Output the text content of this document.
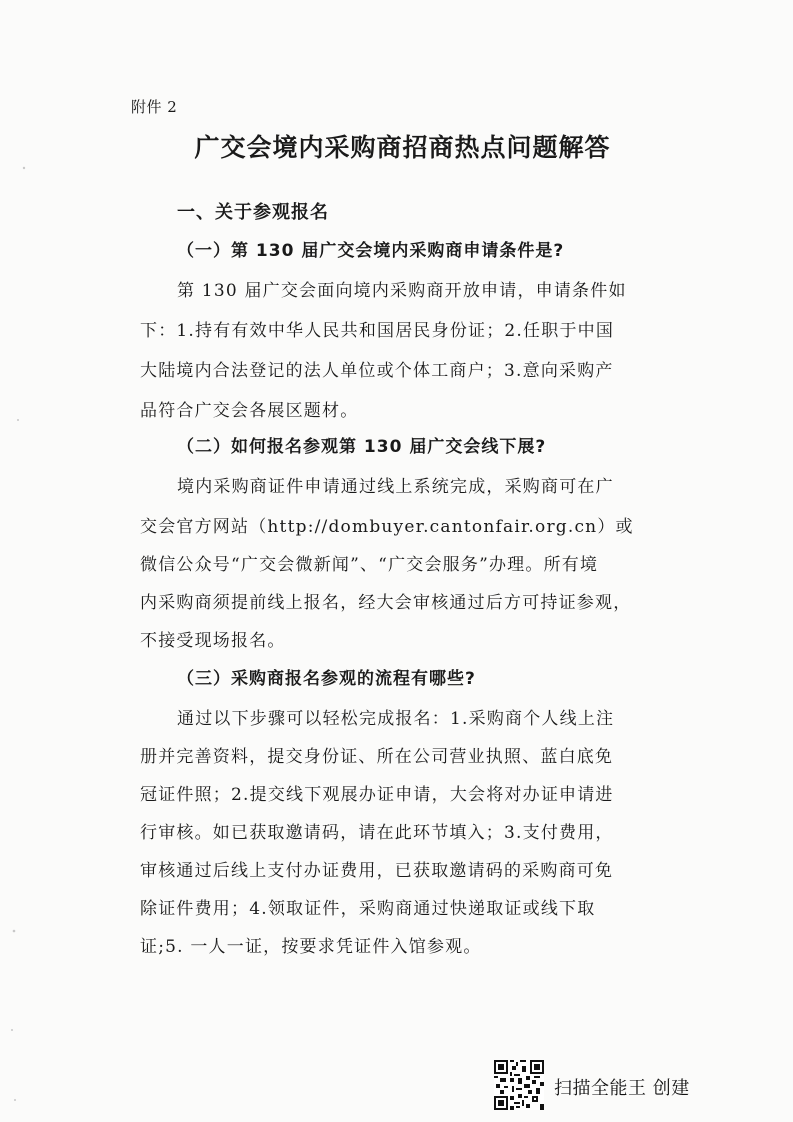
附件 2
广交会境内采购商招商热点问题解答
一、关于参观报名
（一）第 130 届广交会境内采购商申请条件是?
第 130 届广交会面向境内采购商开放申请，申请条件如
下：1.持有有效中华人民共和国居民身份证；2.任职于中国
大陆境内合法登记的法人单位或个体工商户；3.意向采购产
品符合广交会各展区题材。
（二）如何报名参观第 130 届广交会线下展?
境内采购商证件申请通过线上系统完成，采购商可在广
交会官方网站（http://dombuyer.cantonfair.org.cn）或
微信公众号“广交会微新闻”、“广交会服务”办理。所有境
内采购商须提前线上报名，经大会审核通过后方可持证参观，
不接受现场报名。
（三）采购商报名参观的流程有哪些?
通过以下步骤可以轻松完成报名：1.采购商个人线上注
册并完善资料，提交身份证、所在公司营业执照、蓝白底免
冠证件照；2.提交线下观展办证申请，大会将对办证申请进
行审核。如已获取邀请码，请在此环节填入；3.支付费用，
审核通过后线上支付办证费用，已获取邀请码的采购商可免
除证件费用；4.领取证件，采购商通过快递取证或线下取
证;5. 一人一证，按要求凭证件入馆参观。
扫描全能王 创建
